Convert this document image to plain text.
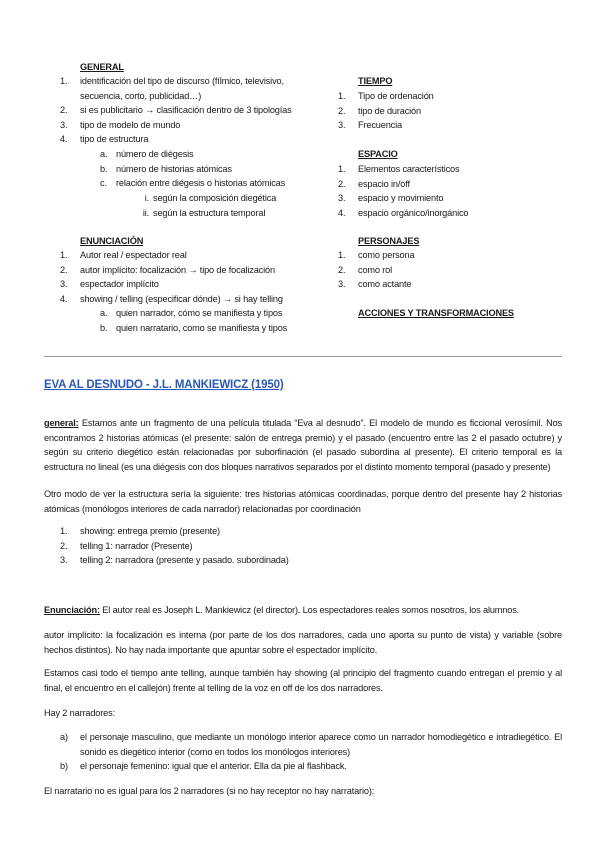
GENERAL
1.	identificación del tipo de discurso (fílmico, televisivo, secuencia, corto, publicidad…)
2.	si es publicitario → clasificación dentro de 3 tipologías
3.	tipo de modelo de mundo
4.	tipo de estructura
a. número de diégesis
b. número de historias atómicas
c. relación entre diégesis o historias atómicas
i. según la composición diegética
ii. según la estructura temporal
ENUNCIACIÓN
1.	Autor real / espectador real
2.	autor implícito: focalización → tipo de focalización
3.	espectador implícito
4.	showing / telling (especificar dónde) → si hay telling
a. quien narrador, cómo se manifiesta y tipos
b. quien narratario, como se manifiesta y tipos
TIEMPO
1.	Tipo de ordenación
2.	tipo de duración
3.	Frecuencia
ESPACIO
1.	Elementos característicos
2.	espacio in/off
3.	espacio y movimiento
4.	espacio orgánico/inorgánico
PERSONAJES
1.	como persona
2.	como rol
3.	como actante
ACCIONES Y TRANSFORMACIONES
EVA AL DESNUDO - J.L. MANKIEWICZ (1950)
general: Estamos ante un fragmento de una película titulada “Eva al desnudo”. El modelo de mundo es ficcional verosímil. Nos encontramos 2 historias atómicas (el presente: salón de entrega premio) y el pasado (encuentro entre las 2 el pasado octubre) y según su criterio diegético están relacionadas por suborfinación (el pasado subordina al presente). El criterio temporal es la estructura no lineal (es una diégesis con dos bloques narrativos separados por el distinto momento temporal (pasado y presente)
Otro modo de ver la estructura sería la siguiente: tres historias atómicas coordinadas, porque dentro del presente hay 2 historias atómicas (monólogos interiores de cada narrador) relacionadas por coordinación
1.	showing: entrega premio (presente)
2.	telling 1: narrador (Presente)
3.	telling 2: narradora (presente y pasado. subordinada)
Enunciación: El autor real es Joseph L. Mankiewicz (el director). Los espectadores reales somos nosotros, los alumnos.
autor implícito: la focalización es interna (por parte de los dos narradores, cada uno aporta su punto de vista) y variable (sobre hechos distintos). No hay nada importante que apuntar sobre el espectador implícito.
Estamos casi todo el tiempo ante telling, aunque también hay showing (al principio del fragmento cuando entregan el premio y al final, el encuentro en el callejón) frente al telling de la voz en off de los dos narradores.
Hay 2 narradores:
a)	el personaje masculino, que mediante un monólogo interior aparece como un narrador homodiegético e intradiegético. El sonido es diegético interior (como en todos los monólogos interiores)
b)	el personaje femenino: igual que el anterior. Ella da pie al flashback.
El narratario no es igual para los 2 narradores (si no hay receptor no hay narratario):
